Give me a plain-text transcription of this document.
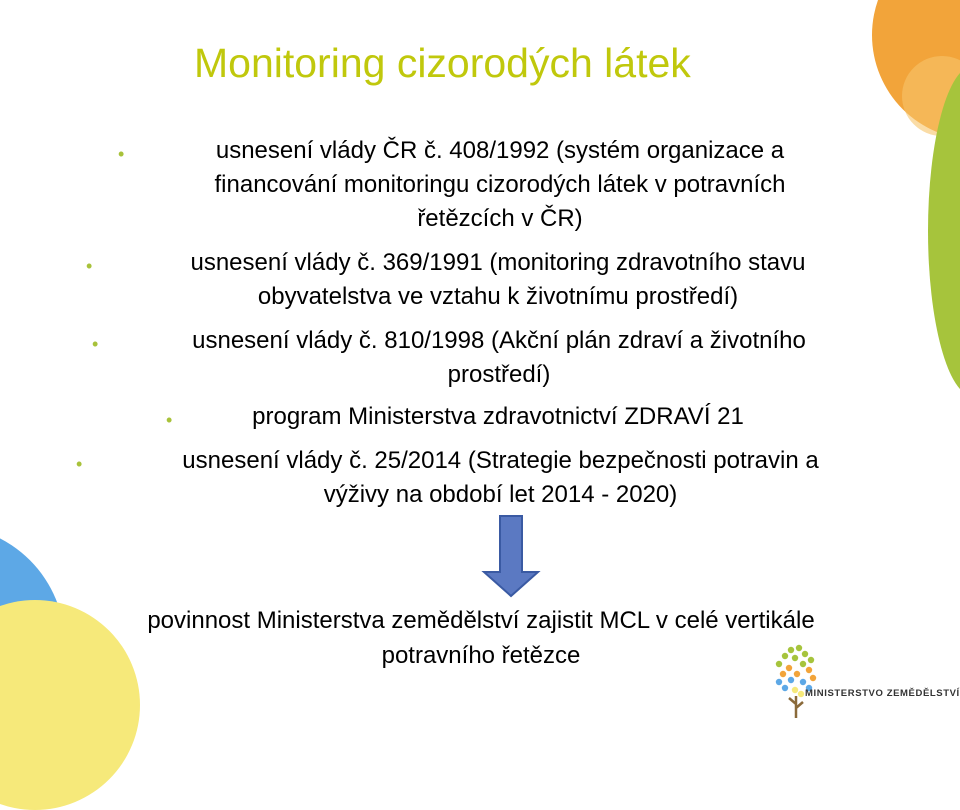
Monitoring cizorodých látek
•	usnesení vlády ČR č. 408/1992 (systém organizace a
financování monitoringu cizorodých látek v potravních
řetězcích v ČR)
•	usnesení vlády č. 369/1991 (monitoring zdravotního stavu
obyvatelstva ve vztahu k životnímu prostředí)
•	usnesení vlády č. 810/1998 (Akční plán zdraví a životního
prostředí)
•	program Ministerstva zdravotnictví ZDRAVÍ 21
•	usnesení vlády č. 25/2014 (Strategie bezpečnosti potravin a
výživy na období let 2014 - 2020)
povinnost Ministerstva zemědělství zajistit MCL v celé vertikále
potravního řetězce
MINISTERSTVO ZEMĚDĚLSTVÍ
